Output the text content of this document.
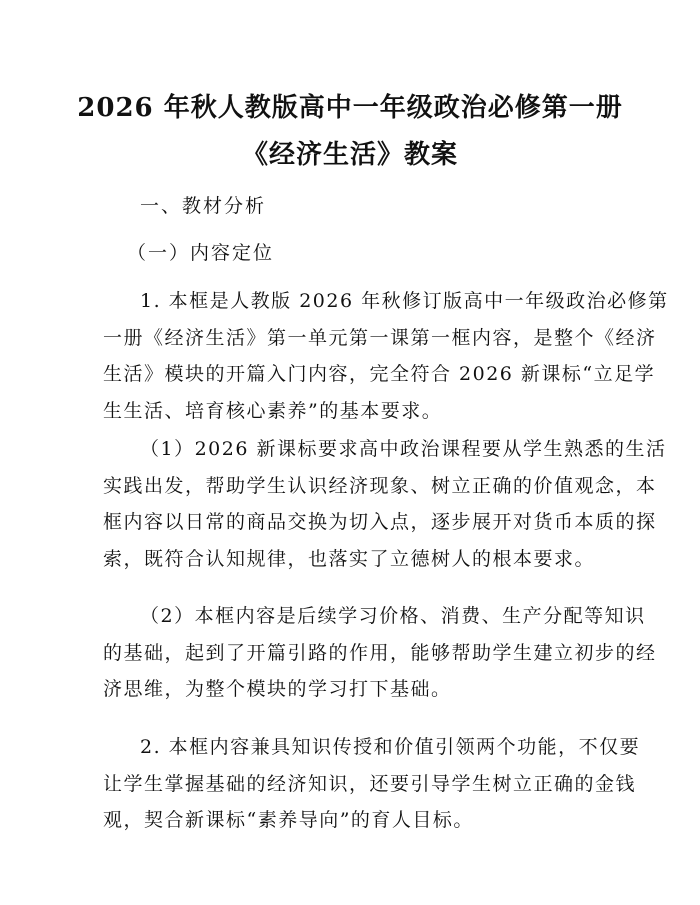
2026 年秋人教版高中一年级政治必修第一册
《经济生活》教案
一、教材分析
（一）内容定位
1. 本框是人教版 2026 年秋修订版高中一年级政治必修第
一册《经济生活》第一单元第一课第一框内容，是整个《经济
生活》模块的开篇入门内容，完全符合 2026 新课标“立足学
生生活、培育核心素养”的基本要求。
（1）2026 新课标要求高中政治课程要从学生熟悉的生活
实践出发，帮助学生认识经济现象、树立正确的价值观念，本
框内容以日常的商品交换为切入点，逐步展开对货币本质的探
索，既符合认知规律，也落实了立德树人的根本要求。
（2）本框内容是后续学习价格、消费、生产分配等知识
的基础，起到了开篇引路的作用，能够帮助学生建立初步的经
济思维，为整个模块的学习打下基础。
2. 本框内容兼具知识传授和价值引领两个功能，不仅要
让学生掌握基础的经济知识，还要引导学生树立正确的金钱
观，契合新课标“素养导向”的育人目标。
